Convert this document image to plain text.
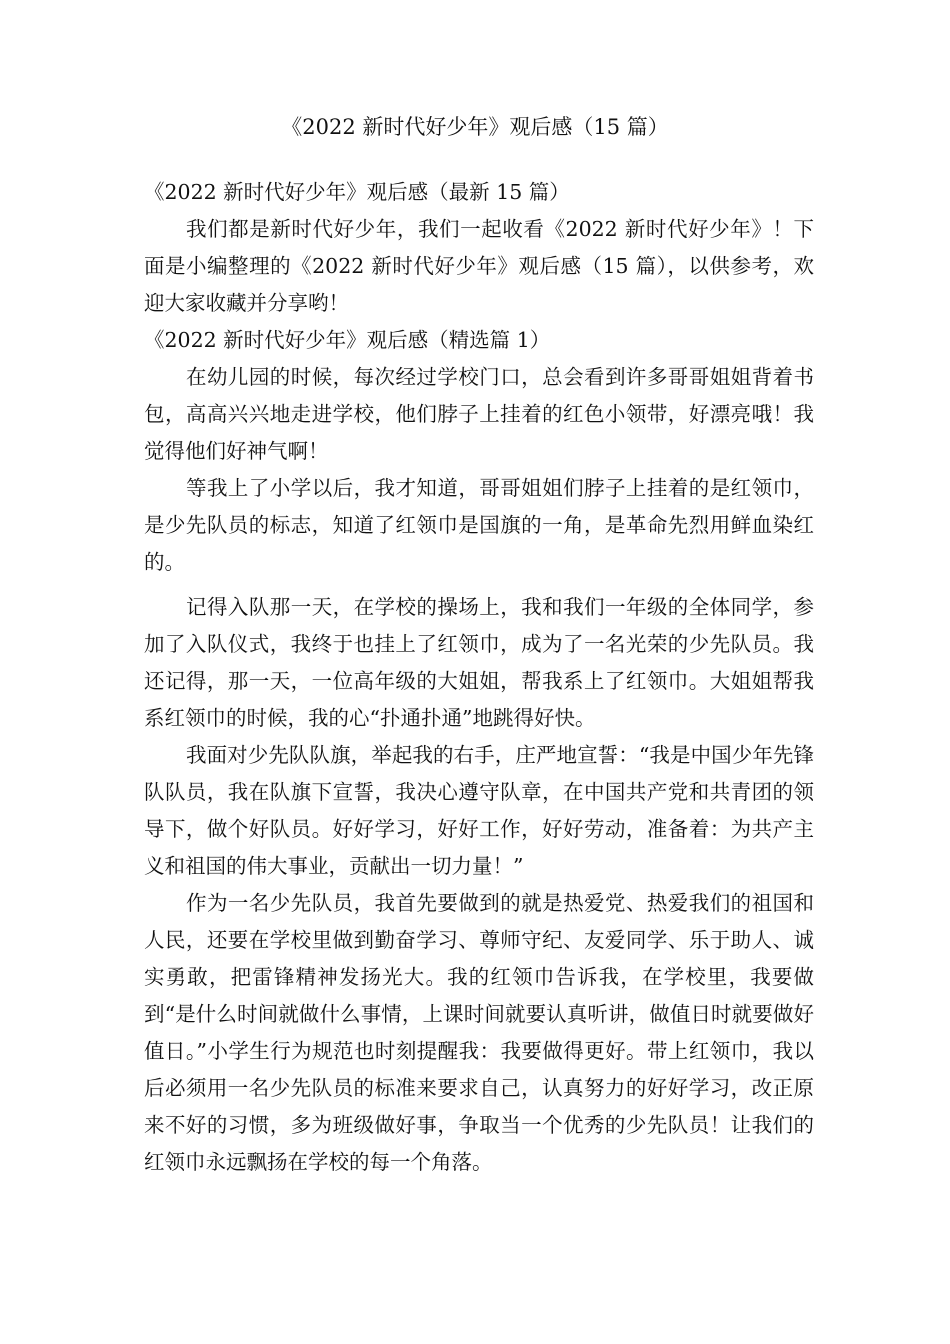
《2022 新时代好少年》观后感（15 篇）

《2022 新时代好少年》观后感（最新 15 篇）

我们都是新时代好少年，我们一起收看《2022 新时代好少年》！下面是小编整理的《2022 新时代好少年》观后感（15 篇），以供参考，欢迎大家收藏并分享哟！

《2022 新时代好少年》观后感（精选篇 1）

在幼儿园的时候，每次经过学校门口，总会看到许多哥哥姐姐背着书包，高高兴兴地走进学校，他们脖子上挂着的红色小领带，好漂亮哦！我觉得他们好神气啊！

等我上了小学以后，我才知道，哥哥姐姐们脖子上挂着的是红领巾，是少先队员的标志，知道了红领巾是国旗的一角，是革命先烈用鲜血染红的。

记得入队那一天，在学校的操场上，我和我们一年级的全体同学，参加了入队仪式，我终于也挂上了红领巾，成为了一名光荣的少先队员。我还记得，那一天，一位高年级的大姐姐，帮我系上了红领巾。大姐姐帮我系红领巾的时候，我的心“扑通扑通”地跳得好快。

我面对少先队队旗，举起我的右手，庄严地宣誓：“我是中国少年先锋队队员，我在队旗下宣誓，我决心遵守队章，在中国共产党和共青团的领导下，做个好队员。好好学习，好好工作，好好劳动，准备着：为共产主义和祖国的伟大事业，贡献出一切力量！”

作为一名少先队员，我首先要做到的就是热爱党、热爱我们的祖国和人民，还要在学校里做到勤奋学习、尊师守纪、友爱同学、乐于助人、诚实勇敢，把雷锋精神发扬光大。我的红领巾告诉我，在学校里，我要做到“是什么时间就做什么事情，上课时间就要认真听讲，做值日时就要做好值日。”小学生行为规范也时刻提醒我：我要做得更好。带上红领巾，我以后必须用一名少先队员的标准来要求自己，认真努力的好好学习，改正原来不好的习惯，多为班级做好事，争取当一个优秀的少先队员！让我们的红领巾永远飘扬在学校的每一个角落。
